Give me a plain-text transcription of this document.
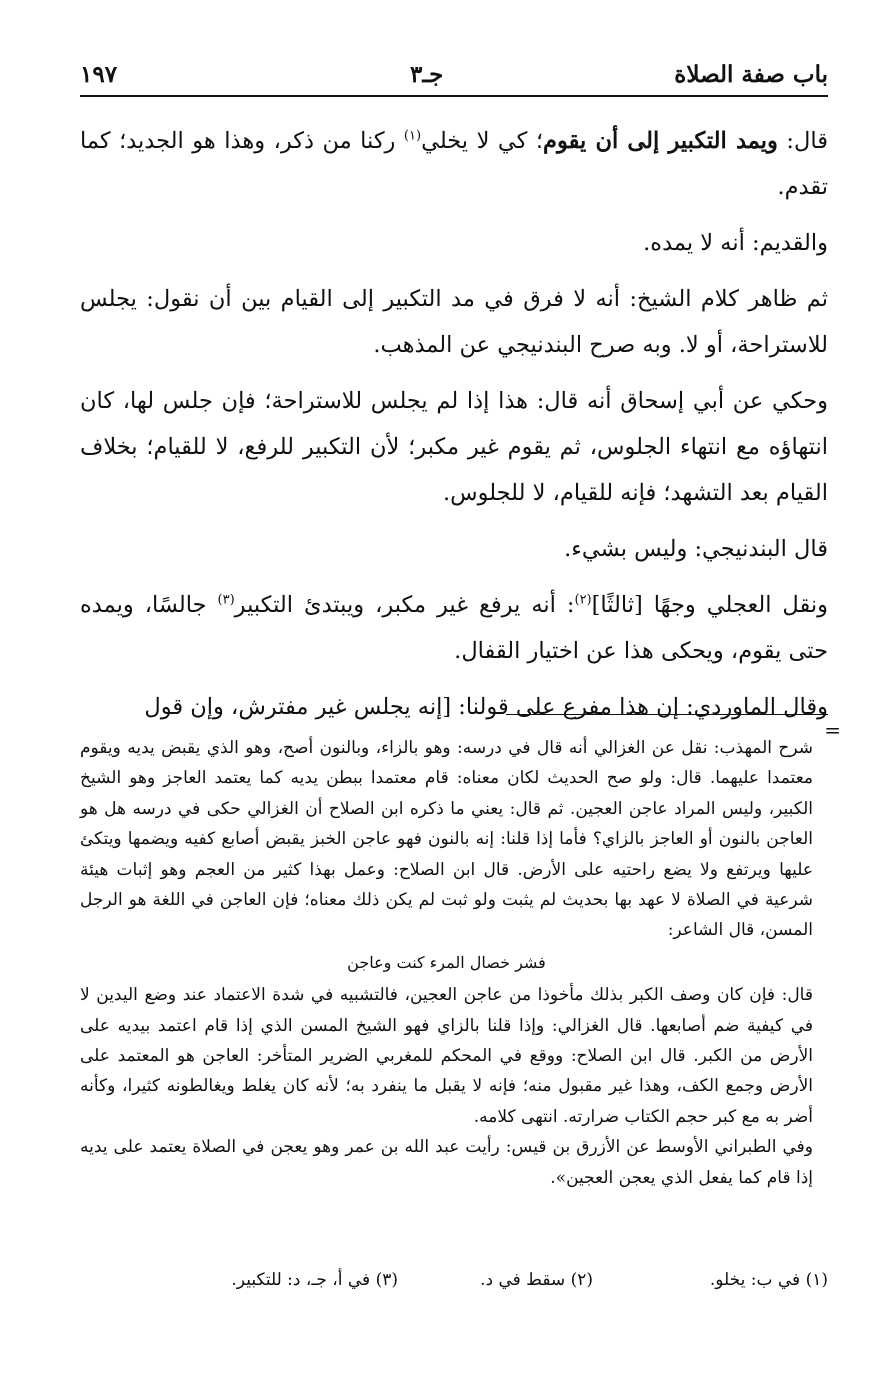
باب صفة الصلاة
جـ٣
١٩٧

قال: ويمد التكبير إلى أن يقوم؛ كي لا يخلي$^{(١)}$ ركنا من ذكر، وهذا هو الجديد؛ كما تقدم.

والقديم: أنه لا يمده.

ثم ظاهر كلام الشيخ: أنه لا فرق في مد التكبير إلى القيام بين أن نقول: يجلس للاستراحة، أو لا. وبه صرح البندنيجي عن المذهب.

وحكي عن أبي إسحاق أنه قال: هذا إذا لم يجلس للاستراحة؛ فإن جلس لها، كان انتهاؤه مع انتهاء الجلوس، ثم يقوم غير مكبر؛ لأن التكبير للرفع، لا للقيام؛ بخلاف القيام بعد التشهد؛ فإنه للقيام، لا للجلوس.

قال البندنيجي: وليس بشيء.

ونقل العجلي وجهًا [ثالثًا]$^{(٢)}$: أنه يرفع غير مكبر، ويبتدئ التكبير$^{(٣)}$ جالسًا، ويمده حتى يقوم، ويحكى هذا عن اختيار القفال.

وقال الماوردي: إن هذا مفرع على قولنا: [إنه يجلس غير مفترش، وإن قول

=

شرح المهذب: نقل عن الغزالي أنه قال في درسه: وهو بالزاء، وبالنون أصح، وهو الذي يقبض يديه ويقوم معتمدا عليهما. قال: ولو صح الحديث لكان معناه: قام معتمدا ببطن يديه كما يعتمد العاجز وهو الشيخ الكبير، وليس المراد عاجن العجين. ثم قال: يعني ما ذكره ابن الصلاح أن الغزالي حكى في درسه هل هو العاجن بالنون أو العاجز بالزاي؟ فأما إذا قلنا: إنه بالنون فهو عاجن الخبز يقبض أصابع كفيه ويضمها ويتكئ عليها ويرتفع ولا يضع راحتيه على الأرض. قال ابن الصلاح: وعمل بهذا كثير من العجم وهو إثبات هيئة شرعية في الصلاة لا عهد بها بحديث لم يثبت ولو ثبت لم يكن ذلك معناه؛ فإن العاجن في اللغة هو الرجل المسن، قال الشاعر:

فشر خصال المرء كنت وعاجن

قال: فإن كان وصف الكبر بذلك مأخوذا من عاجن العجين، فالتشبيه في شدة الاعتماد عند وضع اليدين لا في كيفية ضم أصابعها. قال الغزالي: وإذا قلنا بالزاي فهو الشيخ المسن الذي إذا قام اعتمد بيديه على الأرض من الكبر. قال ابن الصلاح: ووقع في المحكم للمغربي الضرير المتأخر: العاجن هو المعتمد على الأرض وجمع الكف، وهذا غير مقبول منه؛ فإنه لا يقبل ما ينفرد به؛ لأنه كان يغلط ويغالطونه كثيرا، وكأنه أضر به مع كبر حجم الكتاب ضرارته. انتهى كلامه.

وفي الطبراني الأوسط عن الأزرق بن قيس: رأيت عبد الله بن عمر وهو يعجن في الصلاة يعتمد على يديه إذا قام كما يفعل الذي يعجن العجين».

(١) في ب: يخلو.
(٢) سقط في د.
(٣) في أ، جـ، د: للتكبير.
